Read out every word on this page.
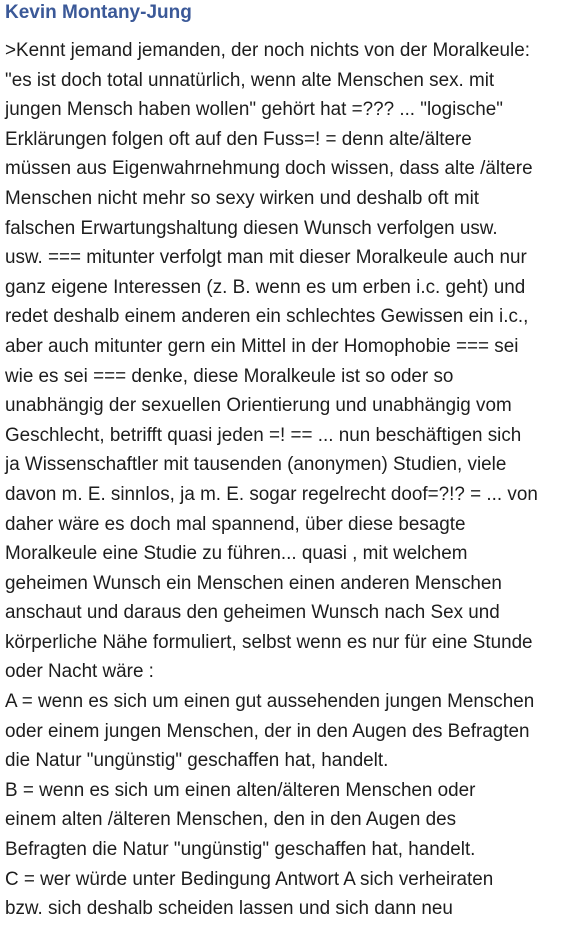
Kevin Montany-Jung
>Kennt jemand jemanden, der noch nichts von der Moralkeule:
"es ist doch total unnatürlich, wenn alte Menschen sex. mit
jungen Mensch haben wollen" gehört hat =??? ... "logische"
Erklärungen folgen oft auf den Fuss=! = denn alte/ältere
müssen aus Eigenwahrnehmung doch wissen, dass alte /ältere
Menschen nicht mehr so sexy wirken und deshalb oft mit
falschen Erwartungshaltung diesen Wunsch verfolgen usw.
usw. === mitunter verfolgt man mit dieser Moralkeule auch nur
ganz eigene Interessen (z. B. wenn es um erben i.c. geht) und
redet deshalb einem anderen ein schlechtes Gewissen ein i.c.,
aber auch mitunter gern ein Mittel in der Homophobie === sei
wie es sei === denke, diese Moralkeule ist so oder so
unabhängig der sexuellen Orientierung und unabhängig vom
Geschlecht, betrifft quasi jeden =! == ... nun beschäftigen sich
ja Wissenschaftler mit tausenden (anonymen) Studien, viele
davon m. E. sinnlos, ja m. E. sogar regelrecht doof=?!? = ... von
daher wäre es doch mal spannend, über diese besagte
Moralkeule eine Studie zu führen... quasi , mit welchem
geheimen Wunsch ein Menschen einen anderen Menschen
anschaut und daraus den geheimen Wunsch nach Sex und
körperliche Nähe formuliert, selbst wenn es nur für eine Stunde
oder Nacht wäre :
A = wenn es sich um einen gut aussehenden jungen Menschen
oder einem jungen Menschen, der in den Augen des Befragten
die Natur "ungünstig" geschaffen hat, handelt.
B = wenn es sich um einen alten/älteren Menschen oder
einem alten /älteren Menschen, den in den Augen des
Befragten die Natur "ungünstig" geschaffen hat, handelt.
C = wer würde unter Bedingung Antwort A sich verheiraten
bzw. sich deshalb scheiden lassen und sich dann neu
